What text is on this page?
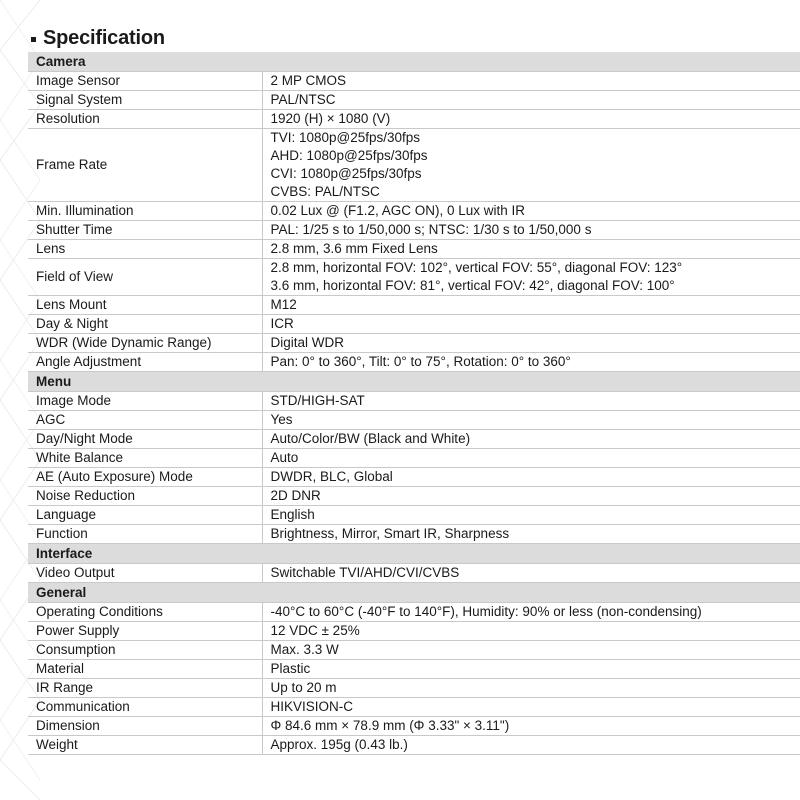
Specification
Camera	
Image Sensor	2 MP CMOS

Signal System	PAL/NTSC

Resolution	1920 (H) × 1080 (V)

Frame Rate	TVI: 1080p@25fps/30fps
AHD: 1080p@25fps/30fps
CVI: 1080p@25fps/30fps
CVBS: PAL/NTSC

Min. Illumination	0.02 Lux @ (F1.2, AGC ON), 0 Lux with IR

Shutter Time	PAL: 1/25 s to 1/50,000 s; NTSC: 1/30 s to 1/50,000 s

Lens	2.8 mm, 3.6 mm Fixed Lens

Field of View	2.8 mm, horizontal FOV: 102°, vertical FOV: 55°, diagonal FOV: 123°
3.6 mm, horizontal FOV: 81°, vertical FOV: 42°, diagonal FOV: 100°

Lens Mount	M12

Day & Night	ICR

WDR (Wide Dynamic Range)	Digital WDR

Angle Adjustment	Pan: 0° to 360°, Tilt: 0° to 75°, Rotation: 0° to 360°

Menu	
Image Mode	STD/HIGH-SAT

AGC	Yes

Day/Night Mode	Auto/Color/BW (Black and White)

White Balance	Auto

AE (Auto Exposure) Mode	DWDR, BLC, Global

Noise Reduction	2D DNR

Language	English

Function	Brightness, Mirror, Smart IR, Sharpness

Interface	
Video Output	Switchable TVI/AHD/CVI/CVBS

General	
Operating Conditions	-40°C to 60°C (-40°F to 140°F), Humidity: 90% or less (non-condensing)

Power Supply	12 VDC ± 25%

Consumption	Max. 3.3 W

Material	Plastic

IR Range	Up to 20 m

Communication	HIKVISION-C

Dimension	Φ 84.6 mm × 78.9 mm (Φ 3.33" × 3.11")

Weight	Approx. 195g (0.43 lb.)
